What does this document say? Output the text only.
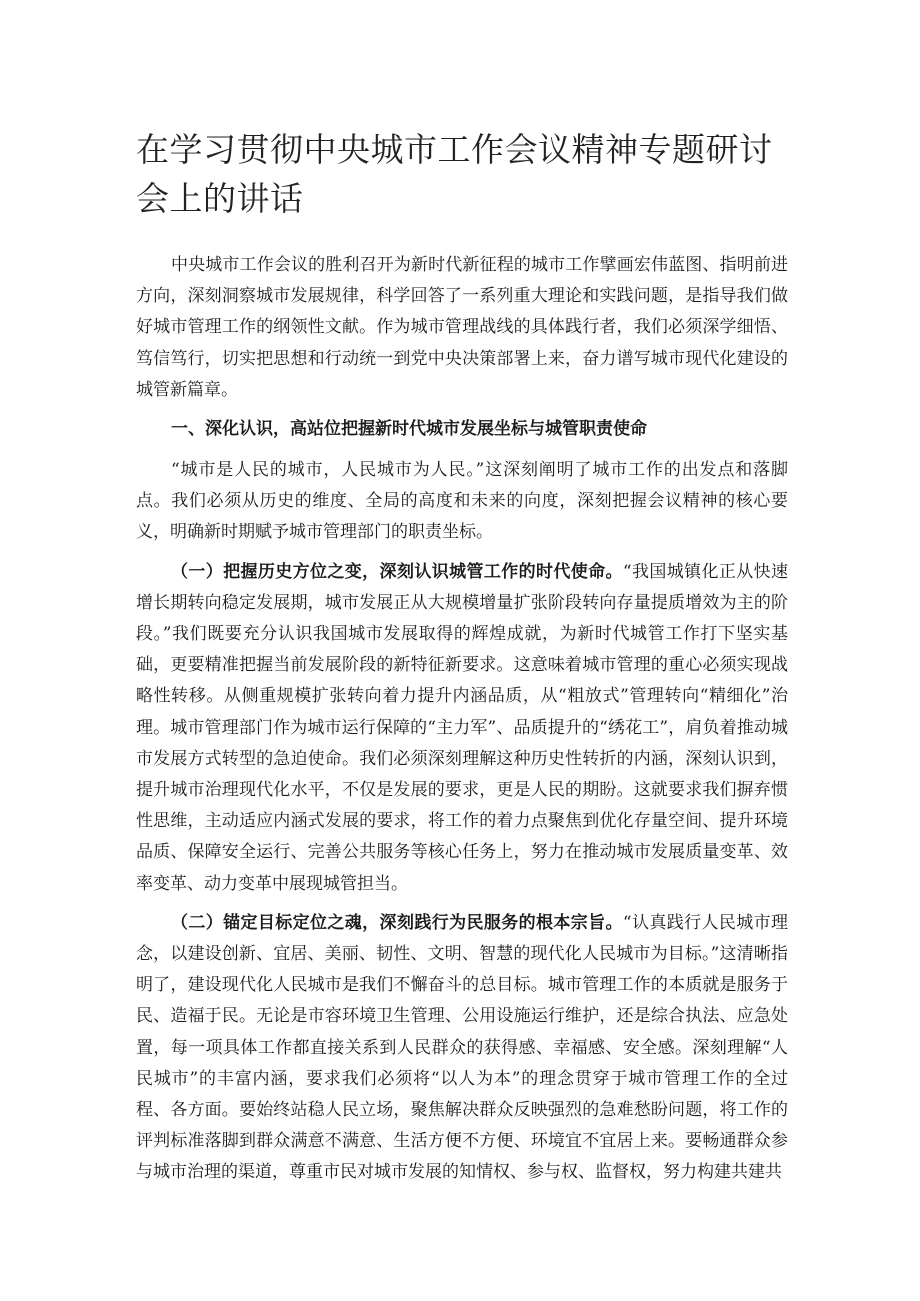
在学习贯彻中央城市工作会议精神专题研讨会上的讲话

中央城市工作会议的胜利召开为新时代新征程的城市工作擘画宏伟蓝图、指明前进方向，深刻洞察城市发展规律，科学回答了一系列重大理论和实践问题，是指导我们做好城市管理工作的纲领性文献。作为城市管理战线的具体践行者，我们必须深学细悟、笃信笃行，切实把思想和行动统一到党中央决策部署上来，奋力谱写城市现代化建设的城管新篇章。

一、深化认识，高站位把握新时代城市发展坐标与城管职责使命

“城市是人民的城市，人民城市为人民。”这深刻阐明了城市工作的出发点和落脚点。我们必须从历史的维度、全局的高度和未来的向度，深刻把握会议精神的核心要义，明确新时期赋予城市管理部门的职责坐标。

（一）把握历史方位之变，深刻认识城管工作的时代使命。“我国城镇化正从快速增长期转向稳定发展期，城市发展正从大规模增量扩张阶段转向存量提质增效为主的阶段。”我们既要充分认识我国城市发展取得的辉煌成就，为新时代城管工作打下坚实基础，更要精准把握当前发展阶段的新特征新要求。这意味着城市管理的重心必须实现战略性转移。从侧重规模扩张转向着力提升内涵品质，从“粗放式”管理转向“精细化”治理。城市管理部门作为城市运行保障的“主力军”、品质提升的“绣花工”，肩负着推动城市发展方式转型的急迫使命。我们必须深刻理解这种历史性转折的内涵，深刻认识到，提升城市治理现代化水平，不仅是发展的要求，更是人民的期盼。这就要求我们摒弃惯性思维，主动适应内涵式发展的要求，将工作的着力点聚焦到优化存量空间、提升环境品质、保障安全运行、完善公共服务等核心任务上，努力在推动城市发展质量变革、效率变革、动力变革中展现城管担当。

（二）锚定目标定位之魂，深刻践行为民服务的根本宗旨。“认真践行人民城市理念，以建设创新、宜居、美丽、韧性、文明、智慧的现代化人民城市为目标。”这清晰指明了，建设现代化人民城市是我们不懈奋斗的总目标。城市管理工作的本质就是服务于民、造福于民。无论是市容环境卫生管理、公用设施运行维护，还是综合执法、应急处置，每一项具体工作都直接关系到人民群众的获得感、幸福感、安全感。深刻理解“人民城市”的丰富内涵，要求我们必须将“以人为本”的理念贯穿于城市管理工作的全过程、各方面。要始终站稳人民立场，聚焦解决群众反映强烈的急难愁盼问题，将工作的评判标准落脚到群众满意不满意、生活方便不方便、环境宜不宜居上来。要畅通群众参与城市治理的渠道，尊重市民对城市发展的知情权、参与权、监督权，努力构建共建共
